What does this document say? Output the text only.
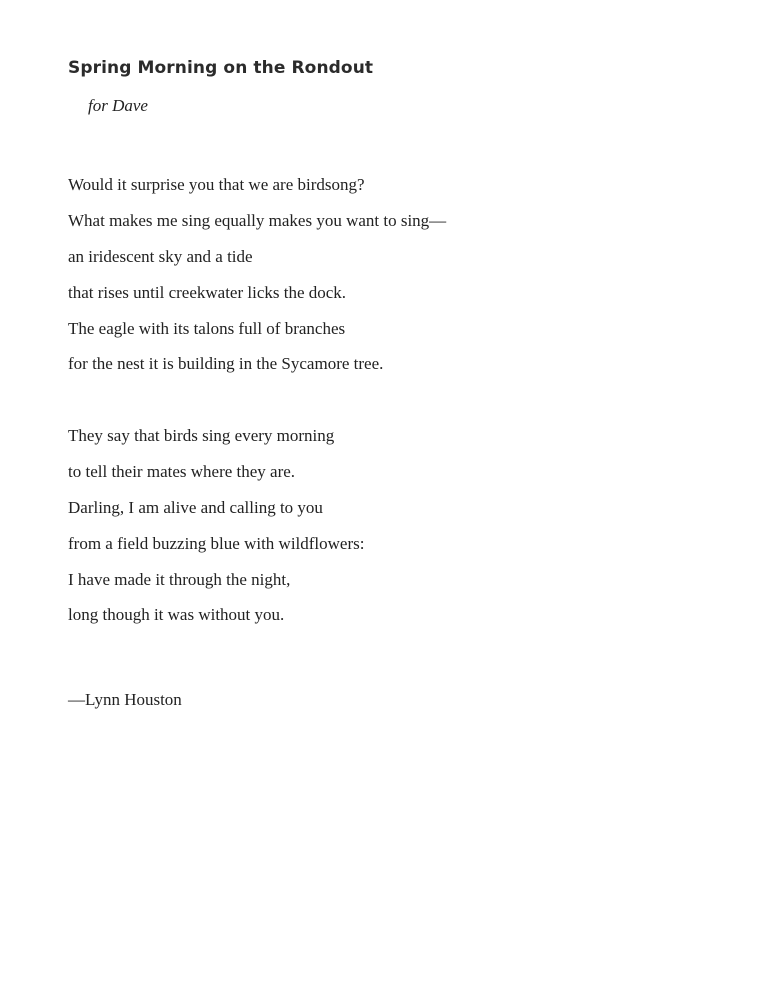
Spring Morning on the Rondout

for Dave

Would it surprise you that we are birdsong?
What makes me sing equally makes you want to sing—
an iridescent sky and a tide
that rises until creekwater licks the dock.
The eagle with its talons full of branches
for the nest it is building in the Sycamore tree.
They say that birds sing every morning
to tell their mates where they are.
Darling, I am alive and calling to you
from a field buzzing blue with wildflowers:
I have made it through the night,
long though it was without you.

—Lynn Houston
